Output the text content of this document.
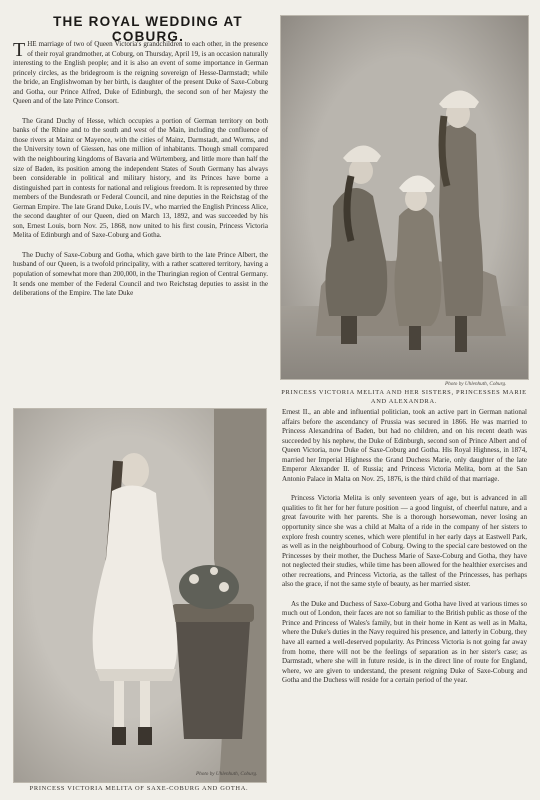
THE ROYAL WEDDING AT COBURG.

THE marriage of two of Queen Victoria's grandchildren to each other, in the presence of their royal grandmother, at Coburg, on Thursday, April 19, is an occasion naturally interesting to the English people; and it is also an event of some importance in German princely circles, as the bridegroom is the reigning sovereign of Hesse-Darmstadt; while the bride, an Englishwoman by her birth, is daughter of the present Duke of Saxe-Coburg and Gotha, our Prince Alfred, Duke of Edinburgh, the second son of her Majesty the Queen and of the late Prince Consort.

The Grand Duchy of Hesse, which occupies a portion of German territory on both banks of the Rhine and to the south and west of the Main, including the confluence of those rivers at Mainz or Mayence, with the cities of Mainz, Darmstadt, and Worms, and the University town of Giessen, has one million of inhabitants. Though small compared with the neighbouring kingdoms of Bavaria and Würtemberg, and little more than half the size of Baden, its position among the independent States of South Germany has always been considerable in political and military history, and its Princes have borne a distinguished part in contests for national and religious freedom. It is represented by three members of the Bundesrath or Federal Council, and nine deputies in the Reichstag of the German Empire. The late Grand Duke, Louis IV., who married the English Princess Alice, the second daughter of our Queen, died on March 13, 1892, and was succeeded by his son, Ernest Louis, born Nov. 25, 1868, now united to his first cousin, Princess Victoria Melita of Edinburgh and of Saxe-Coburg and Gotha.

The Duchy of Saxe-Coburg and Gotha, which gave birth to the late Prince Albert, the husband of our Queen, is a twofold principality, with a rather scattered territory, having a population of somewhat more than 200,000, in the Thuringian region of Central Germany. It sends one member of the Federal Council and two Reichstag deputies to assist in the deliberations of the Empire. The late Duke

Photo by Uhlenhuth, Coburg.
PRINCESS VICTORIA MELITA AND HER SISTERS, PRINCESSES MARIE AND ALEXANDRA.
Photo by Uhlenhuth, Coburg.
PRINCESS VICTORIA MELITA OF SAXE-COBURG AND GOTHA.

Ernest II., an able and influential politician, took an active part in German national affairs before the ascendancy of Prussia was secured in 1866. He was married to Princess Alexandrina of Baden, but had no children, and on his recent death was succeeded by his nephew, the Duke of Edinburgh, second son of Prince Albert and of Queen Victoria, now Duke of Saxe-Coburg and Gotha. His Royal Highness, in 1874, married her Imperial Highness the Grand Duchess Marie, only daughter of the late Emperor Alexander II. of Russia; and Princess Victoria Melita, born at the San Antonio Palace in Malta on Nov. 25, 1876, is the third child of that marriage.

Princess Victoria Melita is only seventeen years of age, but is advanced in all qualities to fit her for her future position — a good linguist, of cheerful nature, and a great favourite with her parents. She is a thorough horsewoman, never losing an opportunity since she was a child at Malta of a ride in the company of her sisters to explore fresh country scenes, which were plentiful in her early days at Eastwell Park, as well as in the neighbourhood of Coburg. Owing to the special care bestowed on the Princesses by their mother, the Duchess Marie of Saxe-Coburg and Gotha, they have not neglected their studies, while time has been allowed for the healthier exercises and other recreations, and Princess Victoria, as the tallest of the Princesses, has perhaps also the grace, if not the same style of beauty, as her married sister.

As the Duke and Duchess of Saxe-Coburg and Gotha have lived at various times so much out of London, their faces are not so familiar to the British public as those of the Prince and Princess of Wales's family, but in their home in Kent as well as in Malta, where the Duke's duties in the Navy required his presence, and latterly in Coburg, they have all earned a well-deserved popularity. As Princess Victoria is not going far away from home, there will not be the feelings of separation as in her sister's case; as Darmstadt, where she will in future reside, is in the direct line of route for England, where, we are given to understand, the present reigning Duke of Saxe-Coburg and Gotha and the Duchess will reside for a certain period of the year.
